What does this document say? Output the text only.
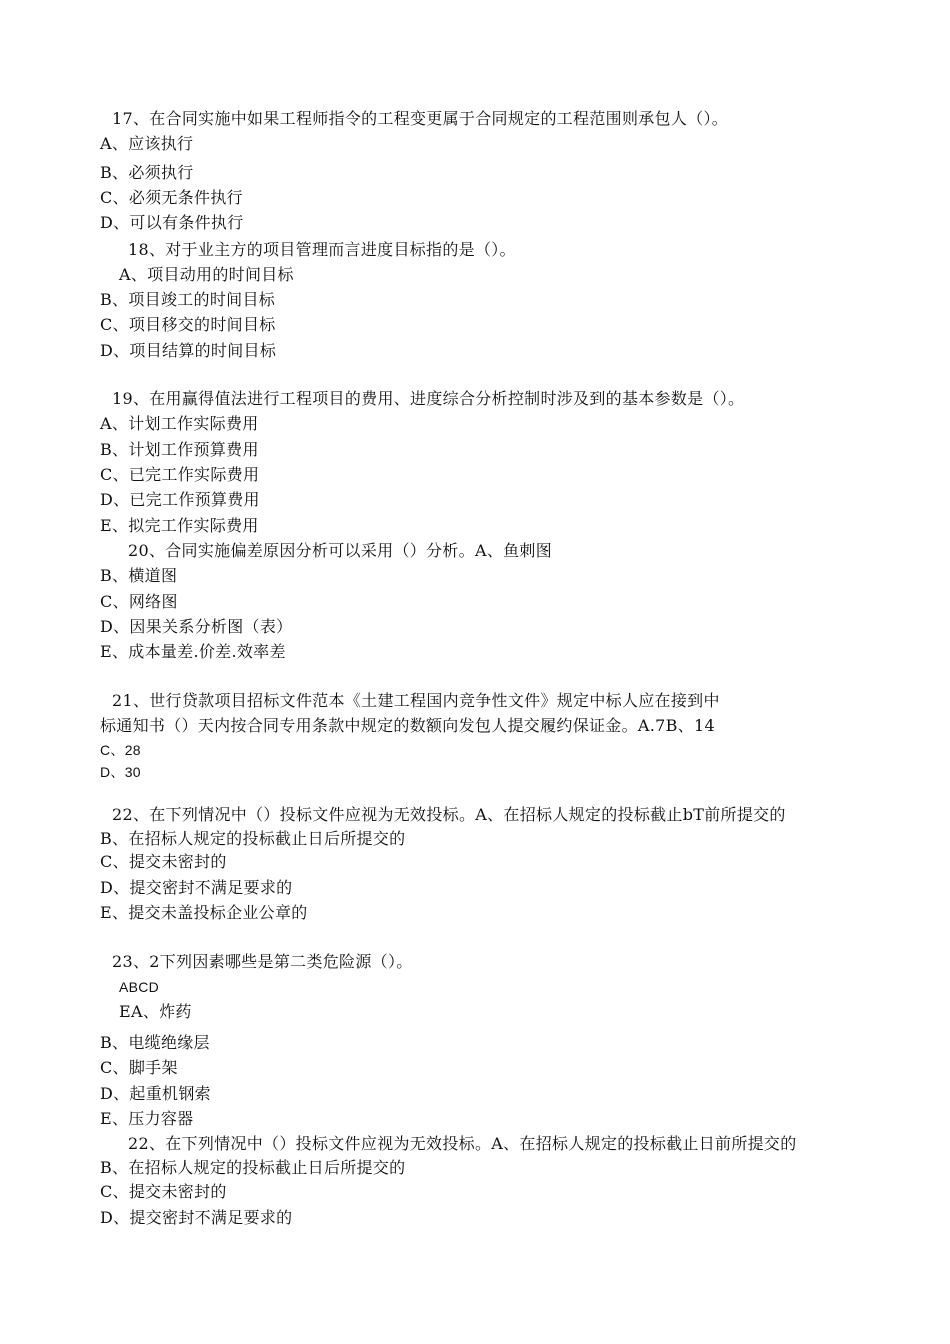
17、在合同实施中如果工程师指令的工程变更属于合同规定的工程范围则承包人（）。
A、应该执行
B、必须执行
C、必须无条件执行
D、可以有条件执行
18、对于业主方的项目管理而言进度目标指的是（）。
A、项目动用的时间目标
B、项目竣工的时间目标
C、项目移交的时间目标
D、项目结算的时间目标
19、在用赢得值法进行工程项目的费用、进度综合分析控制时涉及到的基本参数是（）。
A、计划工作实际费用
B、计划工作预算费用
C、已完工作实际费用
D、已完工作预算费用
E、拟完工作实际费用
20、合同实施偏差原因分析可以采用（）分析。A、鱼刺图
B、横道图
C、网络图
D、因果关系分析图（表）
E、成本量差.价差.效率差
21、世行贷款项目招标文件范本《土建工程国内竞争性文件》规定中标人应在接到中
标通知书（）天内按合同专用条款中规定的数额向发包人提交履约保证金。A.7B、14
C、28
D、30
22、在下列情况中（）投标文件应视为无效投标。A、在招标人规定的投标截止bT前所提交的
B、在招标人规定的投标截止日后所提交的
C、提交未密封的
D、提交密封不满足要求的
E、提交未盖投标企业公章的
23、2下列因素哪些是第二类危险源（）。
ABCD
EA、炸药
B、电缆绝缘层
C、脚手架
D、起重机钢索
E、压力容器
22、在下列情况中（）投标文件应视为无效投标。A、在招标人规定的投标截止日前所提交的
B、在招标人规定的投标截止日后所提交的
C、提交未密封的
D、提交密封不满足要求的
